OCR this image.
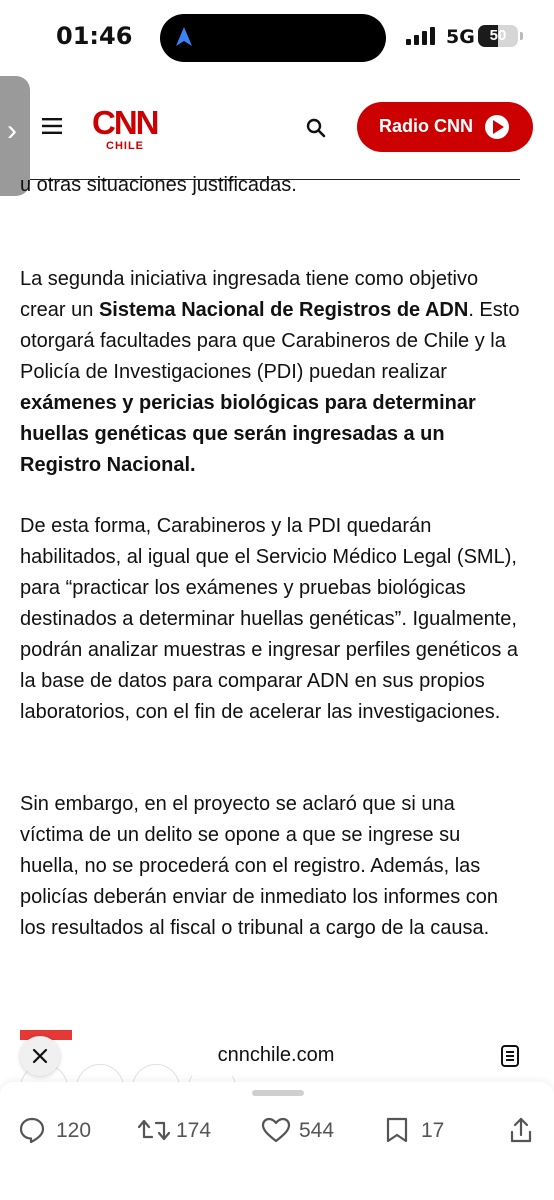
01:46	5G 50
CNN
CHILE
Radio CNN
›

u otras situaciones justificadas.

La segunda iniciativa ingresada tiene como objetivo crear un Sistema Nacional de Registros de ADN. Esto otorgará facultades para que Carabineros de Chile y la Policía de Investigaciones (PDI) puedan realizar exámenes y pericias biológicas para determinar huellas genéticas que serán ingresadas a un Registro Nacional.

De esta forma, Carabineros y la PDI quedarán habilitados, al igual que el Servicio Médico Legal (SML), para “practicar los exámenes y pruebas biológicas destinados a determinar huellas genéticas”. Igualmente, podrán analizar muestras e ingresar perfiles genéticos a la base de datos para comparar ADN en sus propios laboratorios, con el fin de acelerar las investigaciones.

Sin embargo, en el proyecto se aclaró que si una víctima de un delito se opone a que se ingrese su huella, no se procederá con el registro. Además, las policías deberán enviar de inmediato los informes con los resultados al fiscal o tribunal a cargo de la causa.

cnnchile.com
120	174	544	17
